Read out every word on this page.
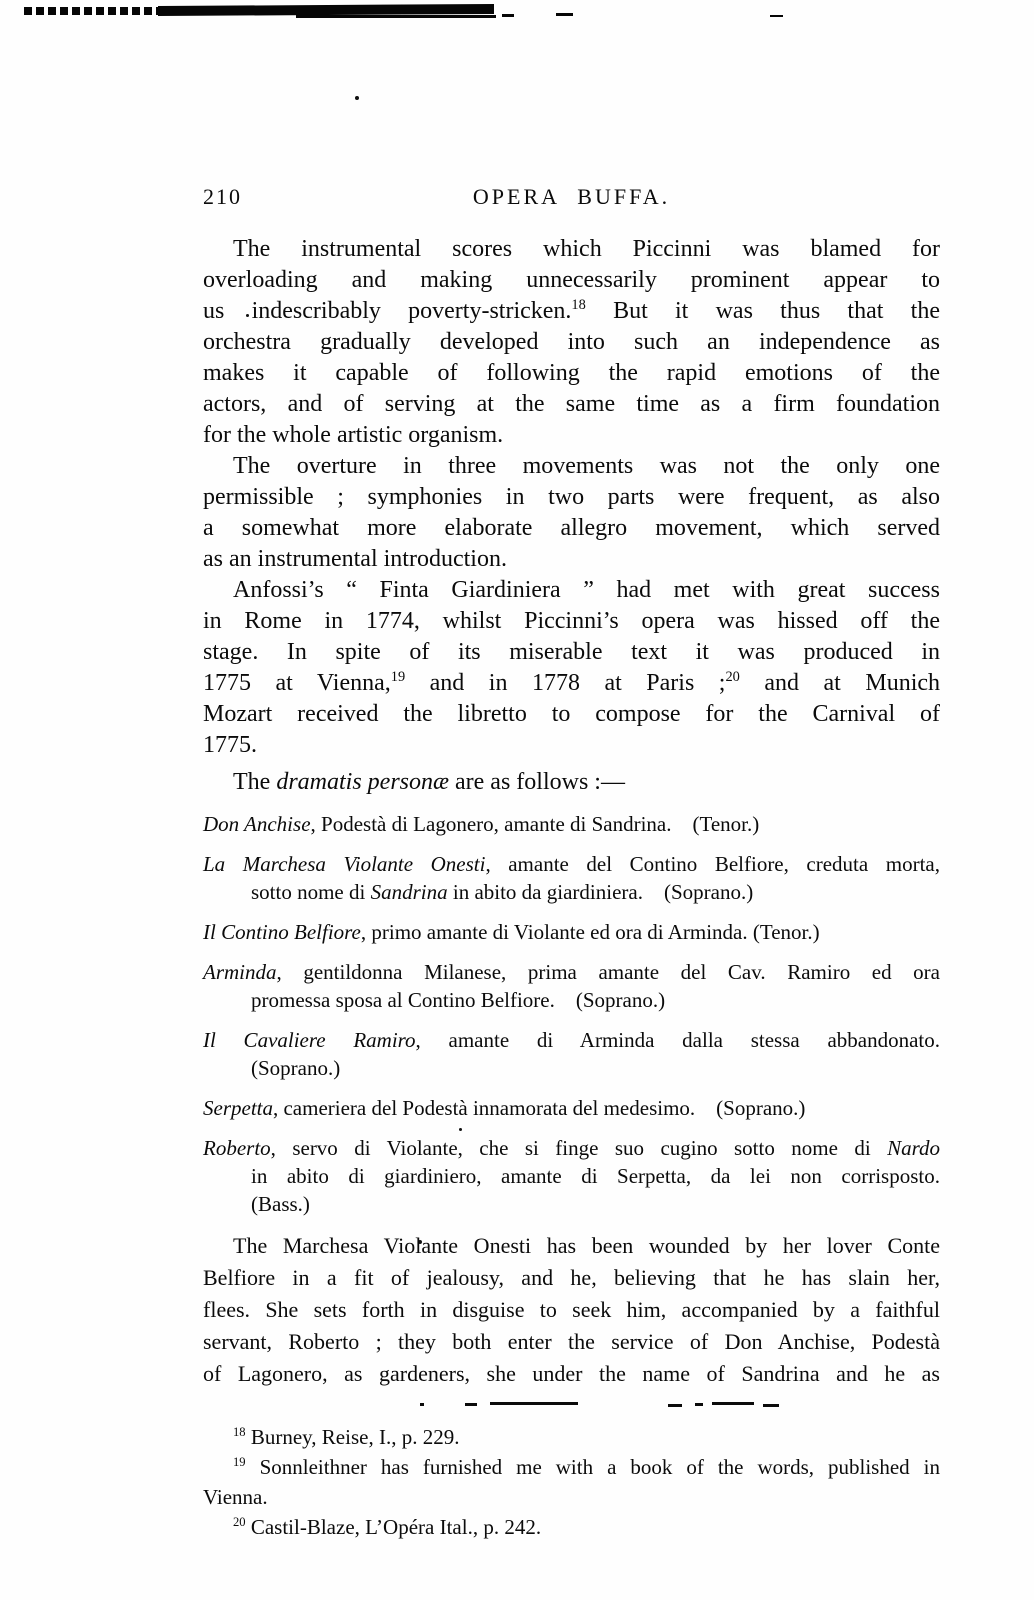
210	OPERA BUFFA.
The instrumental scores which Piccinni was blamed for
overloading and making unnecessarily prominent appear to
us indescribably poverty-stricken.$^{18}$ But it was thus that the
orchestra gradually developed into such an independence as
makes it capable of following the rapid emotions of the
actors, and of serving at the same time as a firm foundation
for the whole artistic organism.
The overture in three movements was not the only one
permissible ; symphonies in two parts were frequent, as also
a somewhat more elaborate allegro movement, which served
as an instrumental introduction.
Anfossi’s “ Finta Giardiniera ” had met with great success
in Rome in 1774, whilst Piccinni’s opera was hissed off the
stage. In spite of its miserable text it was produced in
1775 at Vienna,$^{19}$ and in 1778 at Paris ;$^{20}$ and at Munich
Mozart received the libretto to compose for the Carnival of
1775.
The dramatis personæ are as follows :—
Don Anchise, Podestà di Lagonero, amante di Sandrina. (Tenor.)
La Marchesa Violante Onesti, amante del Contino Belfiore, creduta morta,
sotto nome di Sandrina in abito da giardiniera. (Soprano.)
Il Contino Belfiore, primo amante di Violante ed ora di Arminda. (Tenor.)
Arminda, gentildonna Milanese, prima amante del Cav. Ramiro ed ora
promessa sposa al Contino Belfiore. (Soprano.)
Il Cavaliere Ramiro, amante di Arminda dalla stessa abbandonato.
(Soprano.)
Serpetta, cameriera del Podestà innamorata del medesimo. (Soprano.)
Roberto, servo di Violante, che si finge suo cugino sotto nome di Nardo
in abito di giardiniero, amante di Serpetta, da lei non corrisposto.
(Bass.)
The Marchesa Violante Onesti has been wounded by her lover Conte
Belfiore in a fit of jealousy, and he, believing that he has slain her,
flees. She sets forth in disguise to seek him, accompanied by a faithful
servant, Roberto ; they both enter the service of Don Anchise, Podestà
of Lagonero, as gardeners, she under the name of Sandrina and he as
$^{18}$ Burney, Reise, I., p. 229.
$^{19}$ Sonnleithner has furnished me with a book of the words, published in
Vienna.
$^{20}$ Castil-Blaze, L’Opéra Ital., p. 242.
